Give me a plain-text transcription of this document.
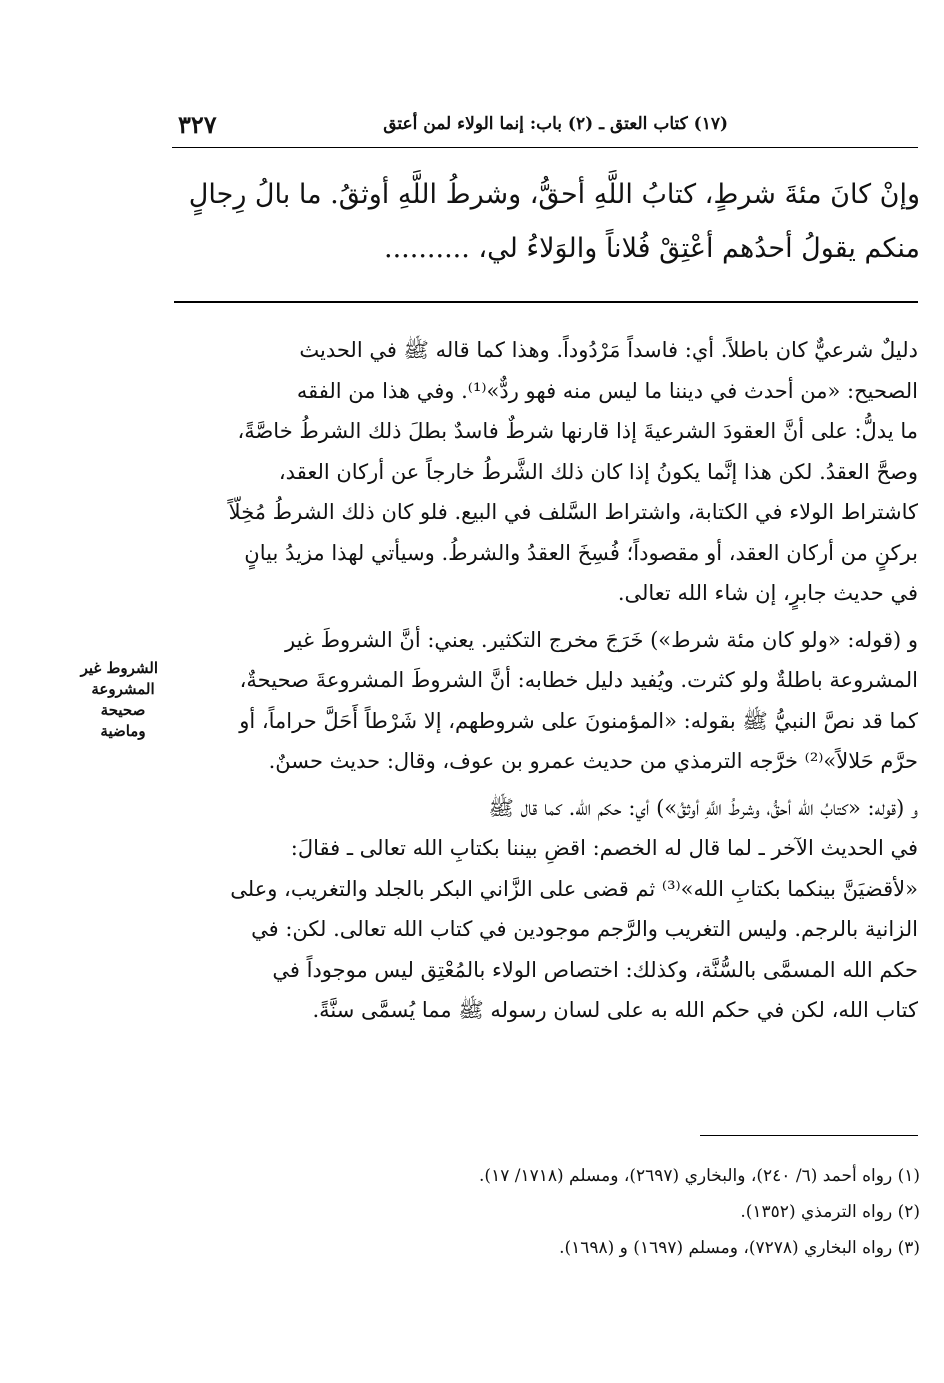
٣٢٧	(١٧) كتاب العتق ـ (٢) باب: إنما الولاء لمن أعتق
وإنْ كانَ مئةَ شرطٍ، كتابُ اللَّهِ أحقُّ، وشرطُ اللَّهِ أوثقُ. ما بالُ رِجالٍ
منكم يقولُ أحدُهم أعْتِقْ فُلاناً والوَلاءُ لي، ..........

دليلٌ شرعيٌّ كان باطلاً. أي: فاسداً مَرْدُوداً. وهذا كما قاله ﷺ في الحديث
الصحيح: «من أحدث في ديننا ما ليس منه فهو ردٌّ»⁽¹⁾. وفي هذا من الفقه
ما يدلُّ: على أنَّ العقودَ الشرعيةَ إذا قارنها شرطٌ فاسدٌ بطلَ ذلك الشرطُ خاصَّةً،
وصحَّ العقدُ. لكن هذا إنَّما يكونُ إذا كان ذلك الشَّرطُ خارجاً عن أركان العقد،
كاشتراط الولاء في الكتابة، واشتراط السَّلف في البيع. فلو كان ذلك الشرطُ مُخِلّاً
بركنٍ من أركان العقد، أو مقصوداً؛ فُسِخَ العقدُ والشرطُ. وسيأتي لهذا مزيدُ بيانٍ
في حديث جابرٍ، إن شاء الله تعالى.

و (قوله: «ولو كان مئة شرط») خَرَجَ مخرج التكثير. يعني: أنَّ الشروطَ غير
المشروعة باطلةٌ ولو كثرت. ويُفيد دليل خطابه: أنَّ الشروطَ المشروعةَ صحيحةٌ،
كما قد نصَّ النبيُّ ﷺ بقوله: «المؤمنونَ على شروطهم، إلا شَرْطاً أَحَلَّ حراماً، أو
حرَّم حَلالاً»⁽²⁾ خرَّجه الترمذي من حديث عمرو بن عوف، وقال: حديث حسنٌ.

و (قوله: «كتابُ الله أحقُّ، وشرطُ اللَّهِ أوثقُ») أي: حكم الله. كما قال ﷺ
في الحديث الآخر ـ لما قال له الخصم: اقضِ بيننا بكتابِ الله تعالى ـ فقالَ:
«لأقضيَنَّ بينكما بكتابِ الله»⁽³⁾ ثم قضى على الزَّاني البكر بالجلد والتغريب، وعلى
الزانية بالرجم. وليس التغريب والرَّجم موجودين في كتاب الله تعالى. لكن: في
حكم الله المسمَّى بالسُّنَّة، وكذلك: اختصاص الولاء بالمُعْتِق ليس موجوداً في
كتاب الله، لكن في حكم الله به على لسان رسوله ﷺ مما يُسمَّى سنَّةً.

الشروط غير
المشروعة
صحيحة
وماضية
(١) رواه أحمد (٦/ ٢٤٠)، والبخاري (٢٦٩٧)، ومسلم (١٧١٨/ ١٧).
(٢) رواه الترمذي (١٣٥٢).
(٣) رواه البخاري (٧٢٧٨)، ومسلم (١٦٩٧) و (١٦٩٨).
